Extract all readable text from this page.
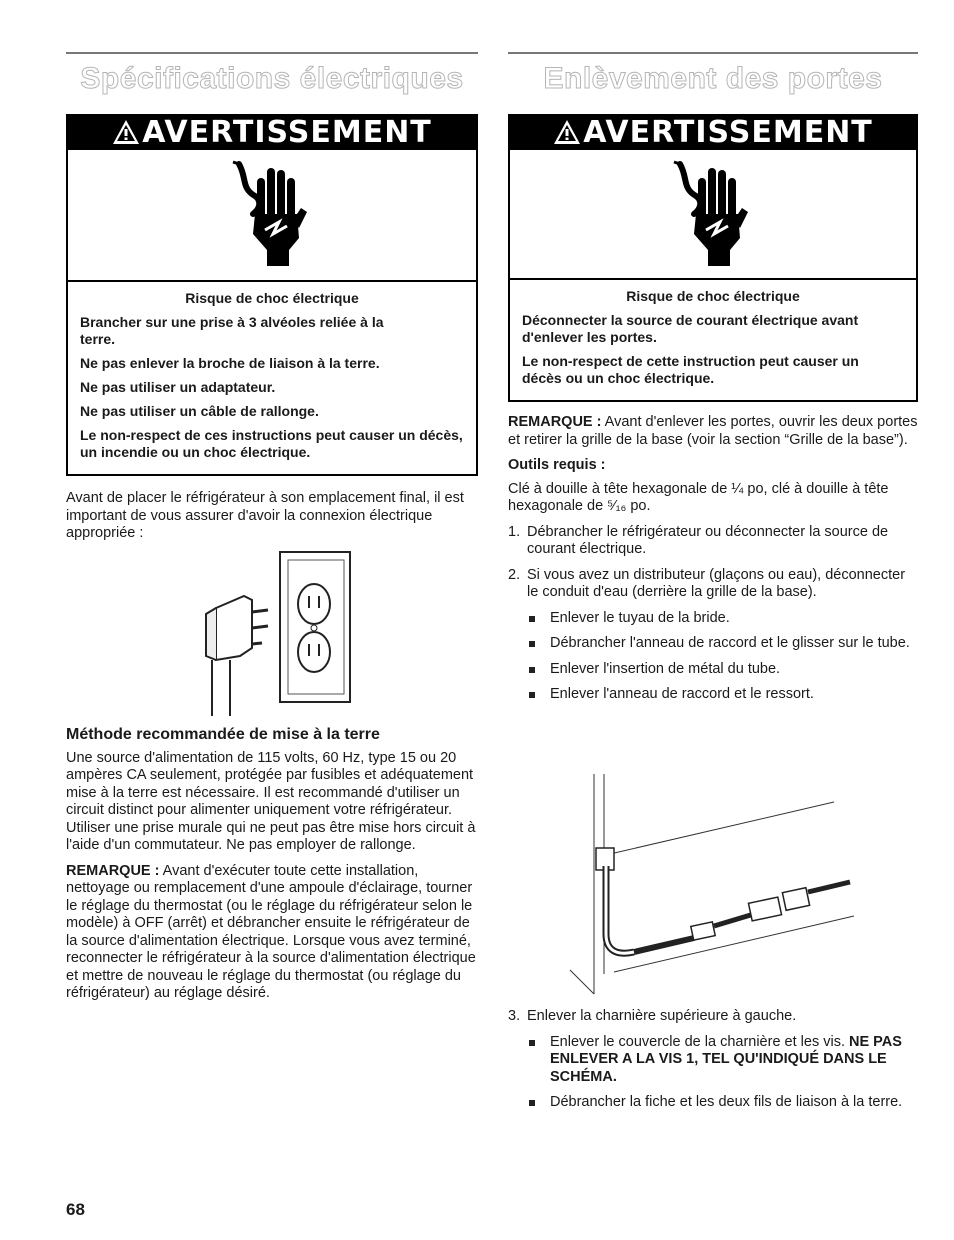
Spécifications électriques
AVERTISSEMENT
Risque de choc électrique

Brancher sur une prise à 3 alvéoles reliée à la terre.

Ne pas enlever la broche de liaison à la terre.

Ne pas utiliser un adaptateur.

Ne pas utiliser un câble de rallonge.

Le non-respect de ces instructions peut causer un décès, un incendie ou un choc électrique.

Avant de placer le réfrigérateur à son emplacement final, il est important de vous assurer d'avoir la connexion électrique appropriée :

Méthode recommandée de mise à la terre

Une source d'alimentation de 115 volts, 60 Hz, type 15 ou 20 ampères CA seulement, protégée par fusibles et adéquatement mise à la terre est nécessaire. Il est recommandé d'utiliser un circuit distinct pour alimenter uniquement votre réfrigérateur. Utiliser une prise murale qui ne peut pas être mise hors circuit à l'aide d'un commutateur. Ne pas employer de rallonge.

REMARQUE : Avant d'exécuter toute cette installation, nettoyage ou remplacement d'une ampoule d'éclairage, tourner le réglage du thermostat (ou le réglage du réfrigérateur selon le modèle) à OFF (arrêt) et débrancher ensuite le réfrigérateur de la source d'alimentation électrique. Lorsque vous avez terminé, reconnecter le réfrigérateur à la source d'alimentation électrique et mettre de nouveau le réglage du thermostat (ou réglage du réfrigérateur) au réglage désiré.

Enlèvement des portes
AVERTISSEMENT
Risque de choc électrique

Déconnecter la source de courant électrique avant d'enlever les portes.

Le non-respect de cette instruction peut causer un décès ou un choc électrique.

REMARQUE : Avant d'enlever les portes, ouvrir les deux portes et retirer la grille de la base (voir la section “Grille de la base”).

Outils requis :

Clé à douille à tête hexagonale de ¼ po, clé à douille à tête hexagonale de ⁵⁄₁₆ po.

1. Débrancher le réfrigérateur ou déconnecter la source de courant électrique.
2. Si vous avez un distributeur (glaçons ou eau), déconnecter le conduit d'eau (derrière la grille de la base).
Enlever le tuyau de la bride.
Débrancher l'anneau de raccord et le glisser sur le tube.
Enlever l'insertion de métal du tube.
Enlever l'anneau de raccord et le ressort.
3. Enlever la charnière supérieure à gauche.
Enlever le couvercle de la charnière et les vis. NE PAS ENLEVER A LA VIS 1, TEL QU'INDIQUÉ DANS LE SCHÉMA.
Débrancher la fiche et les deux fils de liaison à la terre.
68
